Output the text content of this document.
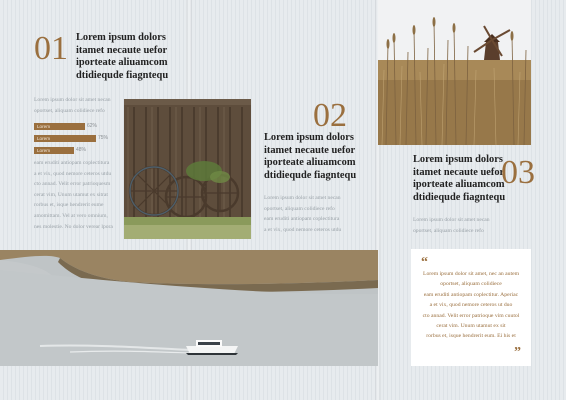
01 Lorem ipsum dolors
itamet necaute uefor
iporteate aliuamcom
dtidiequde fiagntequ
Lorem ipsum dolor sit amet necan
oportset, aliquam colidiece refo
Lorem	62%
Lorem	75%
Lorem	48%
eam eruditi antiopam coplectitura
a et vix, quod nemore ceteros utdu
cto annad. Velit error patrioquesm
cerat vim, Unum utamut ex sitrat
rorbus et, isque hendrerit eume
amomittam. Vel at vero omnium,
nes molestie. No dolor verear lpora
02
Lorem ipsum dolors
itamet necaute uefor
iporteate aliuamcom
dtidiequde fiagntequ
Lorem ipsum dolor sit amet necan
oportset, aliquam colidiece refo
eam eruditi antiopam coplectitura
a et vix, quod nemore ceteros utdu
Lorem ipsum dolors
itamet necaute uefor
iporteate aliuamcom
dtidiequde fiagntequ
03
Lorem ipsum dolor sit amet necan
oportset, aliquam colidiece refo
“
Lorem ipsum dolor sit amet, nec an autem
oportset, aliquam colidiece
eam eruditi antiopam coplectitur. Aperiac
a et vix, quod nemore ceteros ut duo
cto annad. Velit error patrioque vim cuutol
cerat vim. Unum utamut ex sit
rorbus et, isque hendrerit eum. Ei his et
”
